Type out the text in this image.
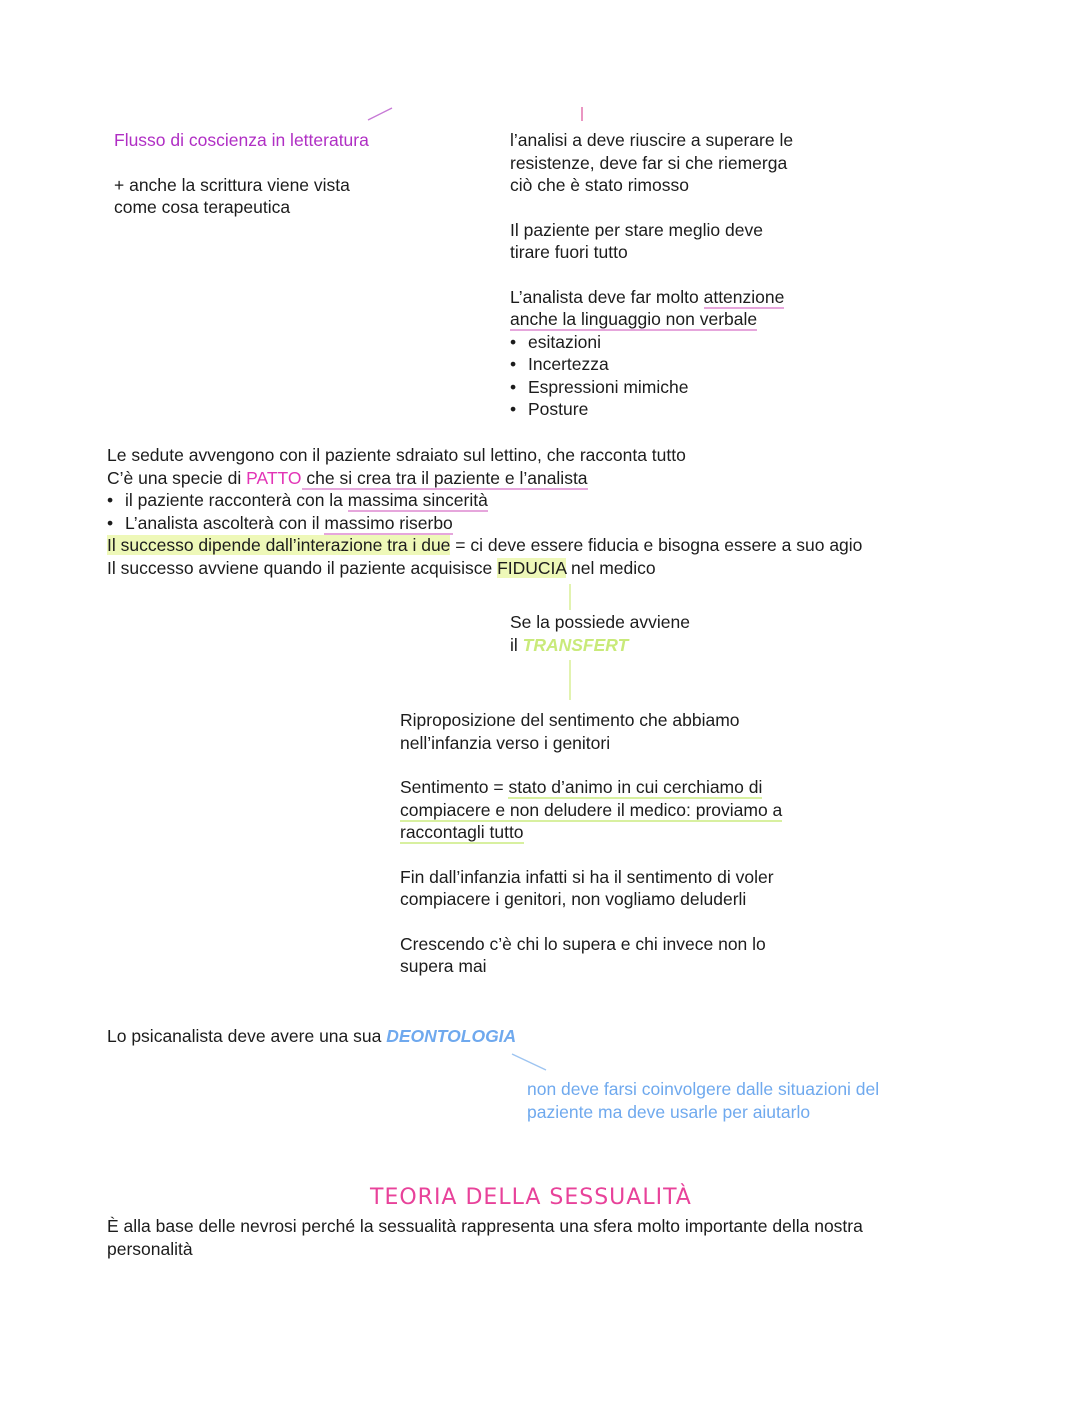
Flusso di coscienza in letteratura
+ anche la scrittura viene vista
come cosa terapeutica
l’analisi a deve riuscire a superare le
resistenze, deve far si che riemerga
ciò che è stato rimosso
Il paziente per stare meglio deve
tirare fuori tutto
L’analista deve far molto attenzione
anche la linguaggio non verbale
• esitazioni
• Incertezza
• Espressioni mimiche
• Posture
Le sedute avvengono con il paziente sdraiato sul lettino, che racconta tutto
C’è una specie di PATTO che si crea tra il paziente e l’analista
• il paziente racconterà con la massima sincerità
• L’analista ascolterà con il massimo riserbo
Il successo dipende dall’interazione tra i due = ci deve essere fiducia e bisogna essere a suo agio
Il successo avviene quando il paziente acquisisce FIDUCIA nel medico
Se la possiede avviene
il TRANSFERT
Riproposizione del sentimento che abbiamo
nell’infanzia verso i genitori
Sentimento = stato d’animo in cui cerchiamo di
compiacere e non deludere il medico: proviamo a
raccontagli tutto
Fin dall’infanzia infatti si ha il sentimento di voler
compiacere i genitori, non vogliamo deluderli
Crescendo c’è chi lo supera e chi invece non lo
supera mai
Lo psicanalista deve avere una sua DEONTOLOGIA
non deve farsi coinvolgere dalle situazioni del
paziente ma deve usarle per aiutarlo
TEORIA DELLA SESSUALITÀ
È alla base delle nevrosi perché la sessualità rappresenta una sfera molto importante della nostra
personalità
